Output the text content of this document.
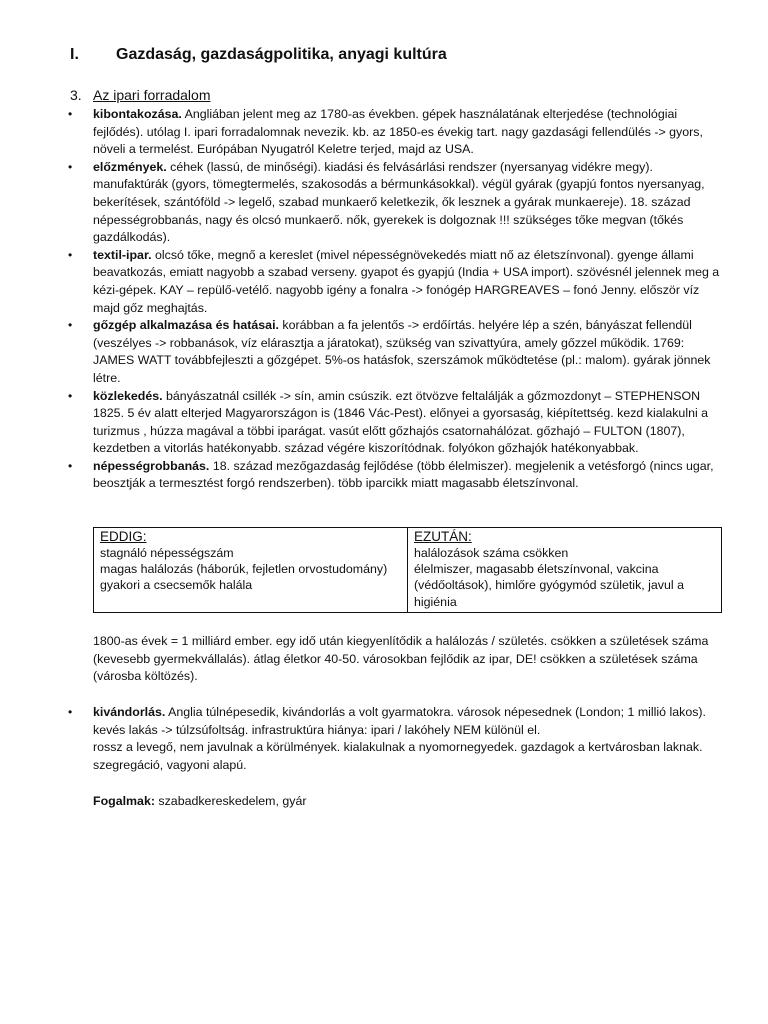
I. Gazdaság, gazdaságpolitika, anyagi kultúra
3. Az ipari forradalom
• kibontakozása. Angliában jelent meg az 1780-as években. gépek használatának elterjedése (technológiai fejlődés). utólag I. ipari forradalomnak nevezik. kb. az 1850-es évekig tart. nagy gazdasági fellendülés -> gyors, növeli a termelést. Európában Nyugatról Keletre terjed, majd az USA.
• előzmények. céhek (lassú, de minőségi). kiadási és felvásárlási rendszer (nyersanyag vidékre megy). manufaktúrák (gyors, tömegtermelés, szakosodás a bérmunkásokkal). végül gyárak (gyapjú fontos nyersanyag, bekerítések, szántóföld -> legelő, szabad munkaerő keletkezik, ők lesznek a gyárak munkaereje). 18. század népességrobbanás, nagy és olcsó munkaerő. nők, gyerekek is dolgoznak !!! szükséges tőke megvan (tőkés gazdálkodás).
• textil-ipar. olcsó tőke, megnő a kereslet (mivel népességnövekedés miatt nő az életszínvonal). gyenge állami beavatkozás, emiatt nagyobb a szabad verseny. gyapot és gyapjú (India + USA import). szövésnél jelennek meg a kézi-gépek. KAY – repülő-vetélő. nagyobb igény a fonalra -> fonógép HARGREAVES – fonó Jenny. először víz majd gőz meghajtás.
• gőzgép alkalmazása és hatásai. korábban a fa jelentős -> erdőírtás. helyére lép a szén, bányászat fellendül (veszélyes -> robbanások, víz elárasztja a járatokat), szükség van szivattyúra, amely gőzzel működik. 1769: JAMES WATT továbbfejleszti a gőzgépet. 5%-os hatásfok, szerszámok működtetése (pl.: malom). gyárak jönnek létre.
• közlekedés. bányászatnál csillék -> sín, amin csúszik. ezt ötvözve feltalálják a gőzmozdonyt – STEPHENSON 1825. 5 év alatt elterjed Magyarországon is (1846 Vác-Pest). előnyei a gyorsaság, kiépítettség. kezd kialakulni a turizmus , húzza magával a többi iparágat. vasút előtt gőzhajós csatornahálózat. gőzhajó – FULTON (1807), kezdetben a vitorlás hatékonyabb. század végére kiszorítódnak. folyókon gőzhajók hatékonyabbak.
• népességrobbanás. 18. század mezőgazdaság fejlődése (több élelmiszer). megjelenik a vetésforgó (nincs ugar, beosztják a termesztést forgó rendszerben). több iparcikk miatt magasabb életszínvonal.
EDDIG:
stagnáló népességszám
magas halálozás (háborúk, fejletlen orvostudomány)
gyakori a csecsemők halála

EZUTÁN:
halálozások száma csökken
élelmiszer, magasabb életszínvonal, vakcina (védőoltások), himlőre gyógymód születik, javul a higiénia

1800-as évek = 1 milliárd ember. egy idő után kiegyenlítődik a halálozás / születés. csökken a születések száma (kevesebb gyermekvállalás). átlag életkor 40-50. városokban fejlődik az ipar, DE! csökken a születések száma (városba költözés).

• kivándorlás. Anglia túlnépesedik, kivándorlás a volt gyarmatokra. városok népesednek (London; 1 millió lakos). kevés lakás -> túlzsúfoltság. infrastruktúra hiánya: ipari / lakóhely NEM különül el.
rossz a levegő, nem javulnak a körülmények. kialakulnak a nyomornegyedek. gazdagok a kertvárosban laknak. szegregáció, vagyoni alapú.

Fogalmak: szabadkereskedelem, gyár
